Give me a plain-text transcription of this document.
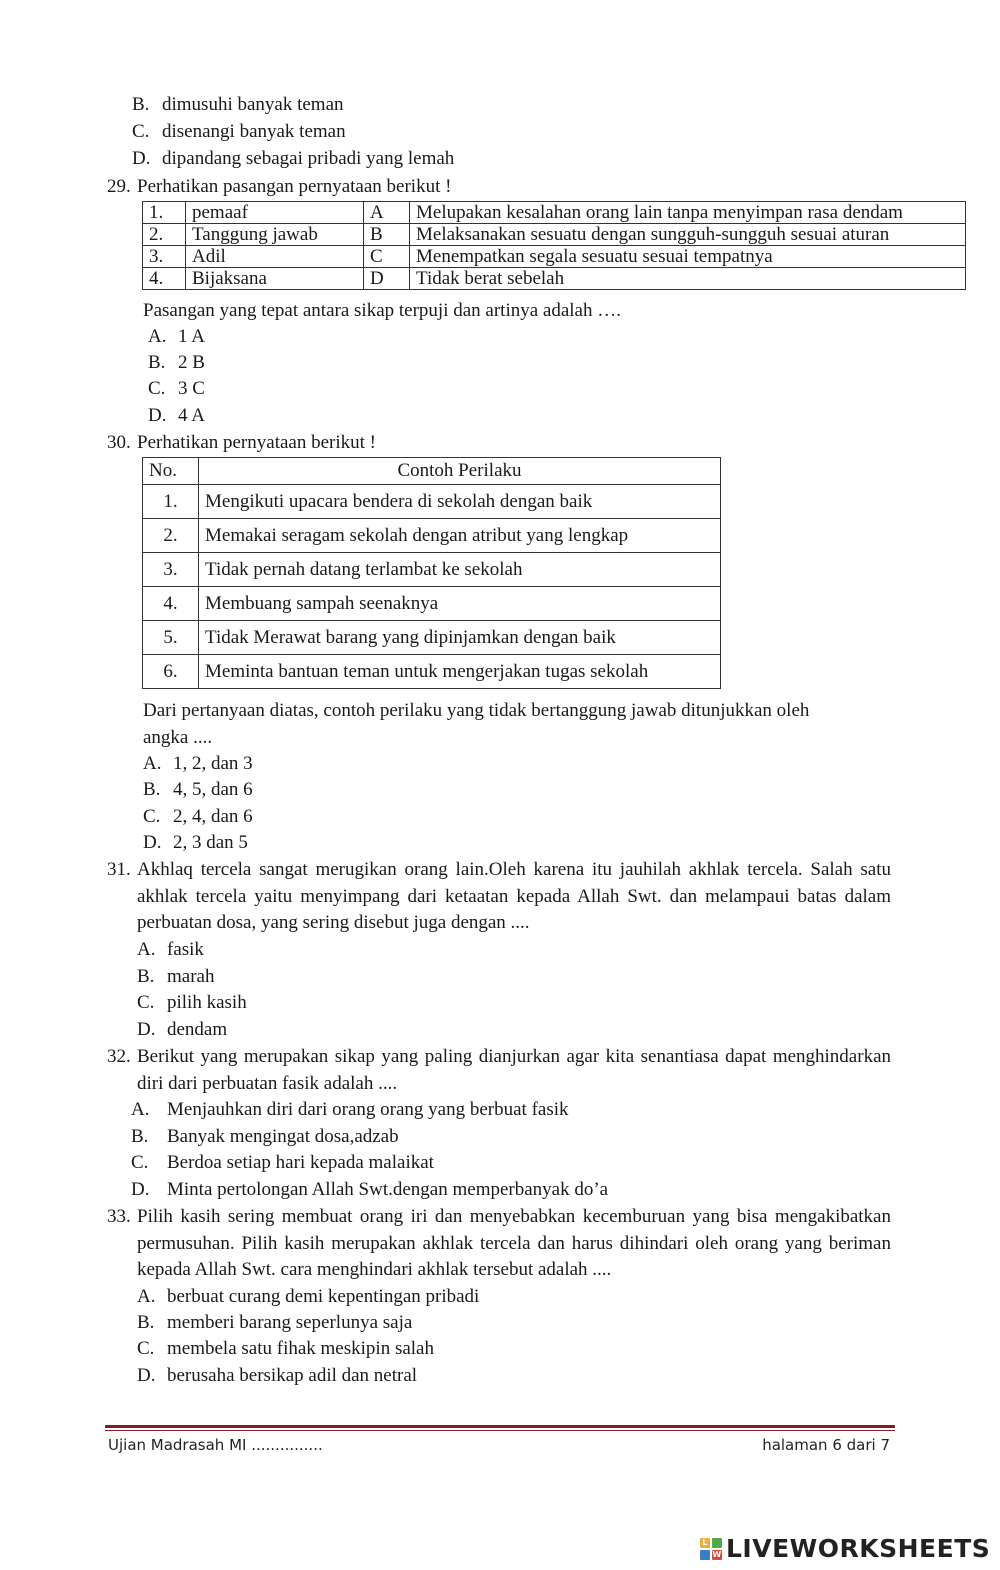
B. dimusuhi banyak teman
C. disenangi banyak teman
D. dipandang sebagai pribadi yang lemah
29. Perhatikan pasangan pernyataan berikut !
1.	pemaaf	A	Melupakan kesalahan orang lain tanpa menyimpan rasa dendam
2.	Tanggung jawab	B	Melaksanakan sesuatu dengan sungguh-sungguh sesuai aturan
3.	Adil	C	Menempatkan segala sesuatu sesuai tempatnya
4.	Bijaksana	D	Tidak berat sebelah
Pasangan yang tepat antara sikap terpuji dan artinya adalah ….
A. 1 A
B. 2 B
C. 3 C
D. 4 A
30. Perhatikan pernyataan berikut !
No.	Contoh Perilaku
1.	Mengikuti upacara bendera di sekolah dengan baik
2.	Memakai seragam sekolah dengan atribut yang lengkap
3.	Tidak pernah datang terlambat ke sekolah
4.	Membuang sampah seenaknya
5.	Tidak Merawat barang yang dipinjamkan dengan baik
6.	Meminta bantuan teman untuk mengerjakan tugas sekolah
Dari pertanyaan diatas, contoh perilaku yang tidak bertanggung jawab ditunjukkan oleh
angka ....
A. 1, 2, dan 3
B. 4, 5, dan 6
C. 2, 4, dan 6
D. 2, 3 dan 5
31. Akhlaq tercela sangat merugikan orang lain.Oleh karena itu jauhilah akhlak tercela. Salah satu akhlak tercela yaitu menyimpang dari ketaatan kepada Allah Swt. dan melampaui batas dalam perbuatan dosa, yang sering disebut juga dengan ....
A. fasik
B. marah
C. pilih kasih
D. dendam
32. Berikut yang merupakan sikap yang paling dianjurkan agar kita senantiasa dapat menghindarkan diri dari perbuatan fasik adalah ....
A. Menjauhkan diri dari orang orang yang berbuat fasik
B. Banyak mengingat dosa,adzab
C. Berdoa setiap hari kepada malaikat
D. Minta pertolongan Allah Swt.dengan memperbanyak do’a
33. Pilih kasih sering membuat orang iri dan menyebabkan kecemburuan yang bisa mengakibatkan permusuhan. Pilih kasih merupakan akhlak tercela dan harus dihindari oleh orang yang beriman kepada Allah Swt. cara menghindari akhlak tersebut adalah ....
A. berbuat curang demi kepentingan pribadi
B. memberi barang seperlunya saja
C. membela satu fihak meskipin salah
D. berusaha bersikap adil dan netral
Ujian Madrasah MI ...............	halaman 6 dari 7
L
W LIVEWORKSHEETS
